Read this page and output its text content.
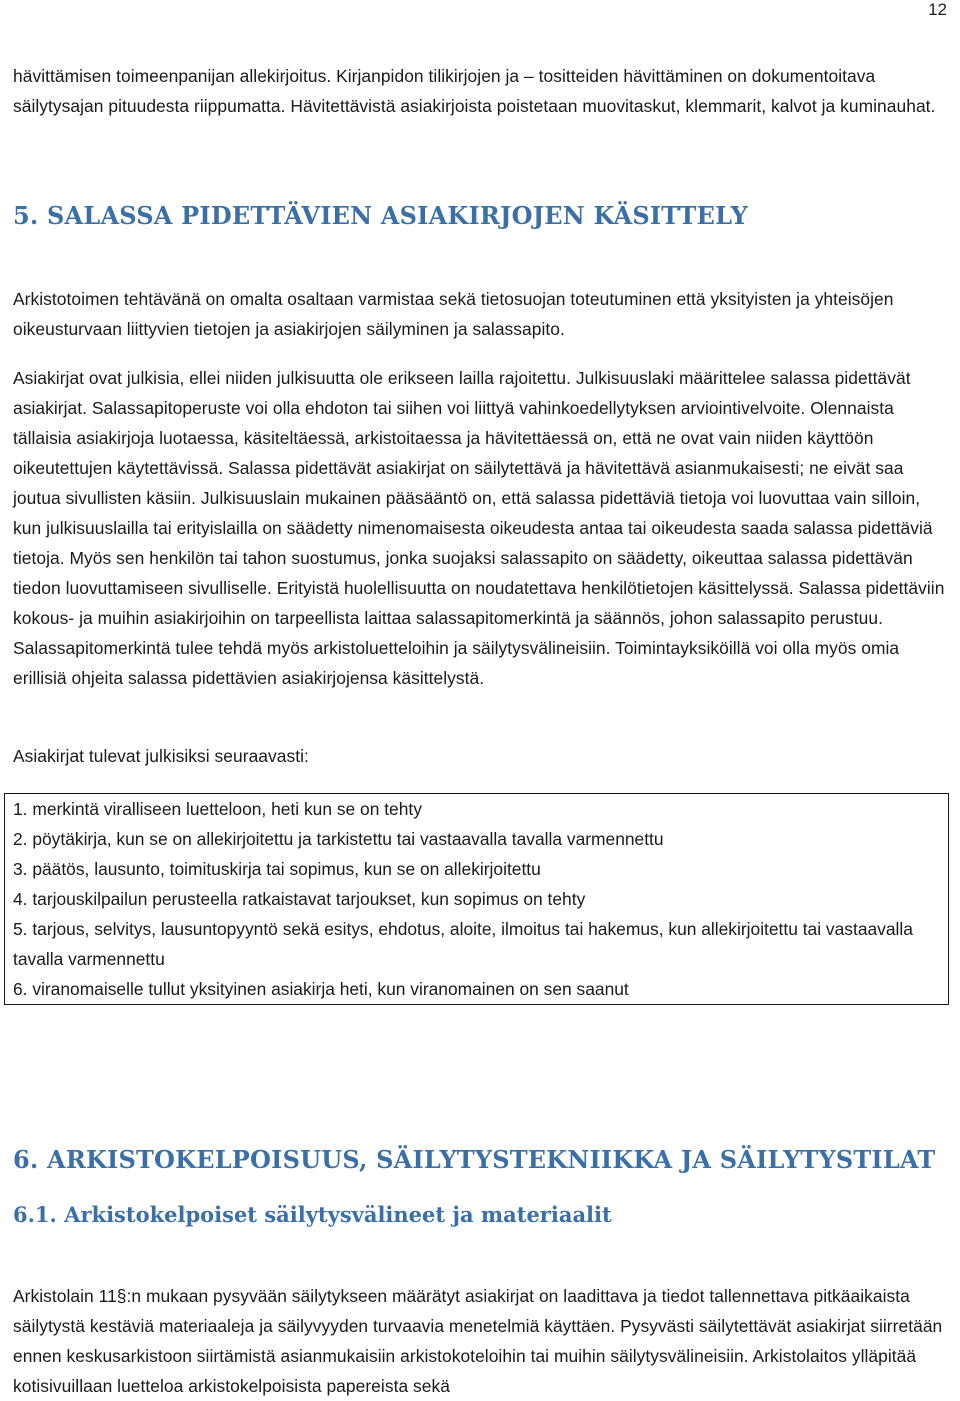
12

hävittämisen toimeenpanijan allekirjoitus. Kirjanpidon tilikirjojen ja – tositteiden hävittäminen on dokumentoitava säilytysajan pituudesta riippumatta. Hävitettävistä asiakirjoista poistetaan muovitaskut, klemmarit, kalvot ja kuminauhat.

5. SALASSA PIDETTÄVIEN ASIAKIRJOJEN KÄSITTELY

Arkistotoimen tehtävänä on omalta osaltaan varmistaa sekä tietosuojan toteutuminen että yksityisten ja yhteisöjen oikeusturvaan liittyvien tietojen ja asiakirjojen säilyminen ja salassapito.

Asiakirjat ovat julkisia, ellei niiden julkisuutta ole erikseen lailla rajoitettu. Julkisuuslaki määrittelee salassa pidettävät asiakirjat. Salassapitoperuste voi olla ehdoton tai siihen voi liittyä vahinkoedellytyksen arviointivelvoite. Olennaista tällaisia asiakirjoja luotaessa, käsiteltäessä, arkistoitaessa ja hävitettäessä on, että ne ovat vain niiden käyttöön oikeutettujen käytettävissä. Salassa pidettävät asiakirjat on säilytettävä ja hävitettävä asianmukaisesti; ne eivät saa joutua sivullisten käsiin. Julkisuuslain mukainen pääsääntö on, että salassa pidettäviä tietoja voi luovuttaa vain silloin, kun julkisuuslailla tai erityislailla on säädetty nimenomaisesta oikeudesta antaa tai oikeudesta saada salassa pidettäviä tietoja. Myös sen henkilön tai tahon suostumus, jonka suojaksi salassapito on säädetty, oikeuttaa salassa pidettävän tiedon luovuttamiseen sivulliselle. Erityistä huolellisuutta on noudatettava henkilötietojen käsittelyssä. Salassa pidettäviin kokous- ja muihin asiakirjoihin on tarpeellista laittaa salassapitomerkintä ja säännös, johon salassapito perustuu. Salassapitomerkintä tulee tehdä myös arkistoluetteloihin ja säilytysvälineisiin. Toimintayksiköillä voi olla myös omia erillisiä ohjeita salassa pidettävien asiakirjojensa käsittelystä.

Asiakirjat tulevat julkisiksi seuraavasti:

1. merkintä viralliseen luetteloon, heti kun se on tehty

2. pöytäkirja, kun se on allekirjoitettu ja tarkistettu tai vastaavalla tavalla varmennettu

3. päätös, lausunto, toimituskirja tai sopimus, kun se on allekirjoitettu

4. tarjouskilpailun perusteella ratkaistavat tarjoukset, kun sopimus on tehty

5. tarjous, selvitys, lausuntopyyntö sekä esitys, ehdotus, aloite, ilmoitus tai hakemus, kun allekirjoitettu tai vastaavalla tavalla varmennettu

6. viranomaiselle tullut yksityinen asiakirja heti, kun viranomainen on sen saanut

6. ARKISTOKELPOISUUS, SÄILYTYSTEKNIIKKA JA SÄILYTYSTILAT
6.1. Arkistokelpoiset säilytysvälineet ja materiaalit

Arkistolain 11§:n mukaan pysyvään säilytykseen määrätyt asiakirjat on laadittava ja tiedot tallennettava pitkäaikaista säilytystä kestäviä materiaaleja ja säilyvyyden turvaavia menetelmiä käyttäen. Pysyvästi säilytettävät asiakirjat siirretään ennen keskusarkistoon siirtämistä asianmukaisiin arkistokoteloihin tai muihin säilytysvälineisiin. Arkistolaitos ylläpitää kotisivuillaan luetteloa arkistokelpoisista papereista sekä
